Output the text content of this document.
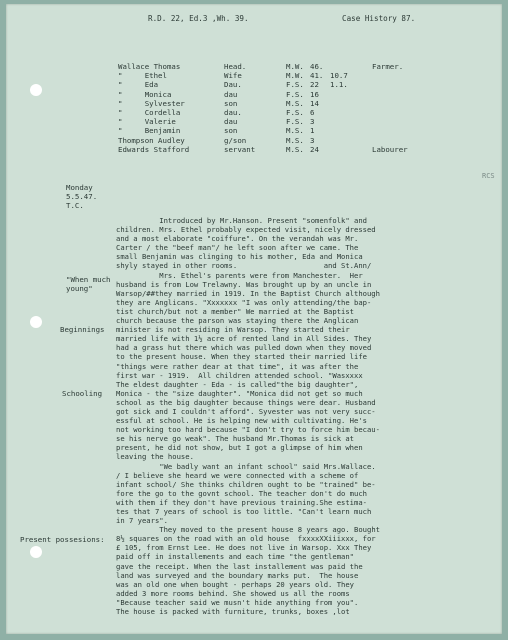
R.D. 22, Ed.3 ,Wh. 39.	Case History 87.
Wallace Thomas	Head.	M.W. 46.	Farmer.
"     Ethel	Wife	M.W. 41. 10.7
"     Eda	Dau.	F.S. 22 1.1.
"     Monica	dau	F.S. 16
"     Sylvester	son	M.S. 14
"     Cordella	dau.	F.S. 6
"     Valerie	dau	F.S. 3
"     Benjamin	son	M.S. 1
Thompson Audley	g/son	M.S. 3
Edwards Stafford	servant	M.S. 24	Labourer
RCS
Monday
5.5.47.
T.C.
"When much
young"
Beginnings
Schooling
Present possesions:
Introduced by Mr.Hanson. Present "somenfolk" and
children. Mrs. Ethel probably expected visit, nicely dressed
and a most elaborate "coiffure". On the verandah was Mr.
Carter / the "beef man"/ he left soon after we came. The
small Benjamin was clinging to his mother, Eda and Monica
shyly stayed in other rooms.                    and St.Ann/
Mrs. Ethel's parents were from Manchester.  Her
husband is from Low Trelawny. Was brought up by an uncle in
Warsop/##they married in 1919. In the Baptist Church although
they are Anglicans. "Xxxxxxx "I was only attending/the bap-
tist church/but not a member" We married at the Baptist
church because the parson was staying there the Anglican
minister is not residing in Warsop. They started their
married life with 1½ acre of rented land in All Sides. They
had a grass hut there which was pulled down when they moved
to the present house. When they started their married life
"things were rather dear at that time", it was after the
first war - 1919.  All children attended school. "Wasxxxx
The eldest daughter - Eda - is called"the big daughter",
Monica - the "size daughter". "Monica did not get so much
school as the big daughter because things were dear. Husband
got sick and I couldn't afford". Syvester was not very succ-
essful at school. He is helping new with cultivating. He's
not working too hard because "I don't try to force him becau-
se his nerve go weak". The husband Mr.Thomas is sick at
present, he did not show, but I got a glimpse of him when
leaving the house.
"We badly want an infant school" said Mrs.Wallace.
/ I believe she heard we were connected with a scheme of
infant school/ She thinks children ought to be "trained" be-
fore the go to the govnt school. The teacher don't do much
with them if they don't have previous training.She estima-
tes that 7 years of school is too little. "Can't learn much
in 7 years".
They moved to the present house 8 years ago. Bought
8½ squares on the road with an old house  fxxxxXXiiixxx, for
£ 105, from Ernst Lee. He does not live in Warsop. Xxx They
paid off in installements and each time "the gentleman"
gave the receipt. When the last installement was paid the
land was surveyed and the boundary marks put.  The house
was an old one when bought - perhaps 20 years old. They
added 3 more rooms behind. She showed us all the rooms
"Because teacher said we musn't hide anything from you".
The house is packed with furniture, trunks, boxes ,lot
